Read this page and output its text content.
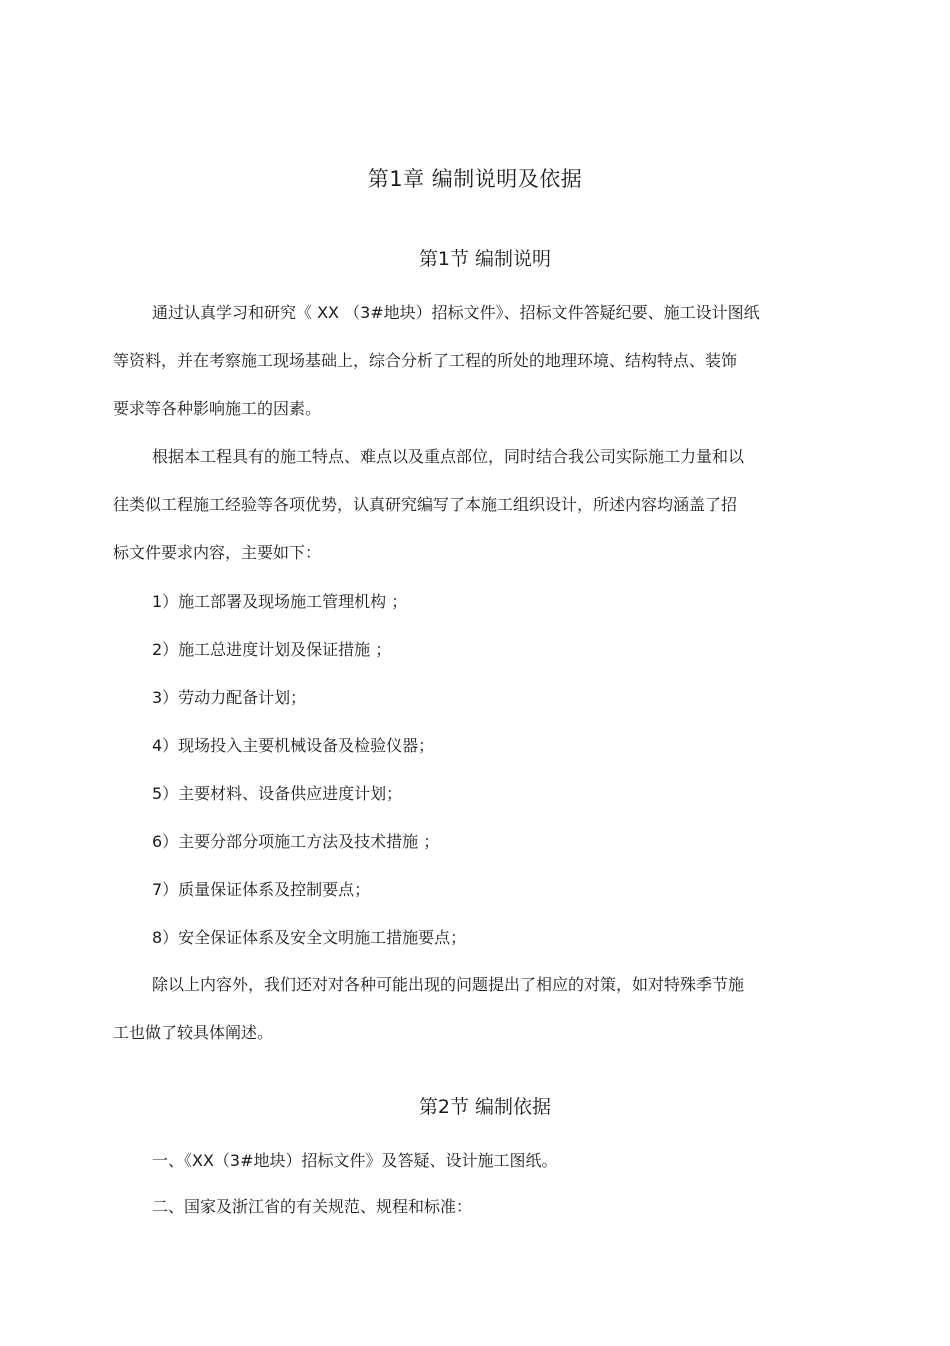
第1章 编制说明及依据
第1节 编制说明
通过认真学习和研究《 XX （3#地块）招标文件》、招标文件答疑纪要、施工设计图纸
等资料，并在考察施工现场基础上，综合分析了工程的所处的地理环境、结构特点、装饰
要求等各种影响施工的因素。
根据本工程具有的施工特点、难点以及重点部位，同时结合我公司实际施工力量和以
往类似工程施工经验等各项优势，认真研究编写了本施工组织设计，所述内容均涵盖了招
标文件要求内容，主要如下：
1）施工部署及现场施工管理机构 ；
2）施工总进度计划及保证措施 ；
3）劳动力配备计划；
4）现场投入主要机械设备及检验仪器；
5）主要材料、设备供应进度计划；
6）主要分部分项施工方法及技术措施 ；
7）质量保证体系及控制要点；
8）安全保证体系及安全文明施工措施要点；
除以上内容外，我们还对对各种可能出现的问题提出了相应的对策，如对特殊季节施
工也做了较具体阐述。
第2节 编制依据
一、《XX（3#地块）招标文件》及答疑、设计施工图纸。
二、国家及浙江省的有关规范、规程和标准：
